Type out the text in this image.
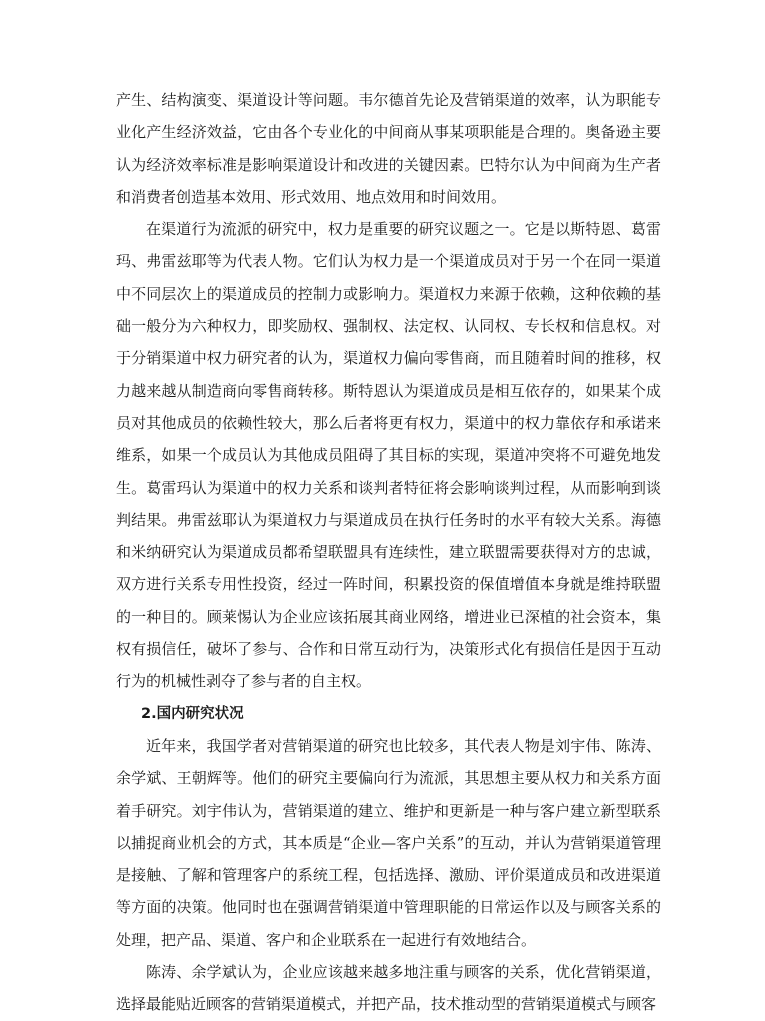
产生、结构演变、渠道设计等问题。韦尔德首先论及营销渠道的效率，认为职能专业化产生经济效益，它由各个专业化的中间商从事某项职能是合理的。奥备逊主要认为经济效率标准是影响渠道设计和改进的关键因素。巴特尔认为中间商为生产者和消费者创造基本效用、形式效用、地点效用和时间效用。

在渠道行为流派的研究中，权力是重要的研究议题之一。它是以斯特恩、葛雷玛、弗雷兹耶等为代表人物。它们认为权力是一个渠道成员对于另一个在同一渠道中不同层次上的渠道成员的控制力或影响力。渠道权力来源于依赖，这种依赖的基础一般分为六种权力，即奖励权、强制权、法定权、认同权、专长权和信息权。对于分销渠道中权力研究者的认为，渠道权力偏向零售商，而且随着时间的推移，权力越来越从制造商向零售商转移。斯特恩认为渠道成员是相互依存的，如果某个成员对其他成员的依赖性较大，那么后者将更有权力，渠道中的权力靠依存和承诺来维系，如果一个成员认为其他成员阻碍了其目标的实现，渠道冲突将不可避免地发生。葛雷玛认为渠道中的权力关系和谈判者特征将会影响谈判过程，从而影响到谈判结果。弗雷兹耶认为渠道权力与渠道成员在执行任务时的水平有较大关系。海德和米纳研究认为渠道成员都希望联盟具有连续性，建立联盟需要获得对方的忠诚，双方进行关系专用性投资，经过一阵时间，积累投资的保值增值本身就是维持联盟的一种目的。顾莱惕认为企业应该拓展其商业网络，增进业已深植的社会资本，集权有损信任，破坏了参与、合作和日常互动行为，决策形式化有损信任是因于互动行为的机械性剥夺了参与者的自主权。

2.国内研究状况

近年来，我国学者对营销渠道的研究也比较多，其代表人物是刘宇伟、陈涛、余学斌、王朝辉等。他们的研究主要偏向行为流派，其思想主要从权力和关系方面着手研究。刘宇伟认为，营销渠道的建立、维护和更新是一种与客户建立新型联系以捕捉商业机会的方式，其本质是“企业—客户关系”的互动，并认为营销渠道管理是接触、了解和管理客户的系统工程，包括选择、激励、评价渠道成员和改进渠道等方面的决策。他同时也在强调营销渠道中管理职能的日常运作以及与顾客关系的处理，把产品、渠道、客户和企业联系在一起进行有效地结合。

陈涛、余学斌认为，企业应该越来越多地注重与顾客的关系，优化营销渠道，选择最能贴近顾客的营销渠道模式，并把产品，技术推动型的营销渠道模式与顾客
